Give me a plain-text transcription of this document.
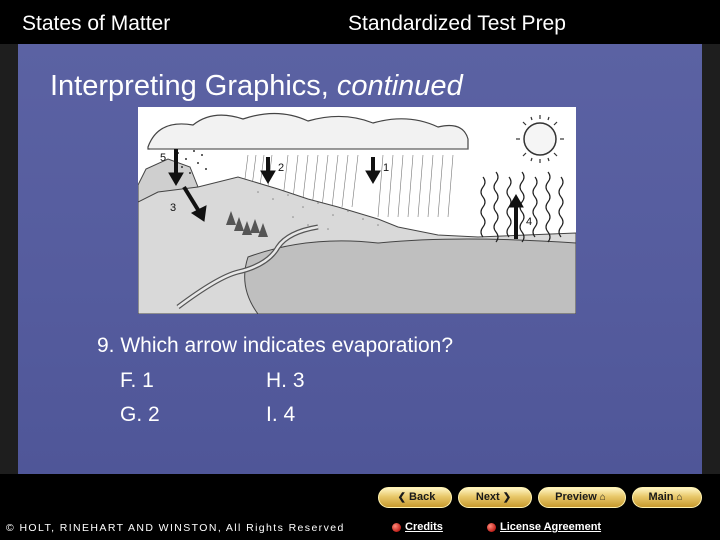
States of Matter	Standardized Test Prep
Interpreting Graphics, continued
5
2	1
3
4
9. Which arrow indicates evaporation?
F. 1
G. 2
H. 3
I. 4
❮ Back	Next ❯	Preview ⌂	Main ⌂
© HOLT, RINEHART AND WINSTON, All Rights Reserved	Credits	License Agreement
